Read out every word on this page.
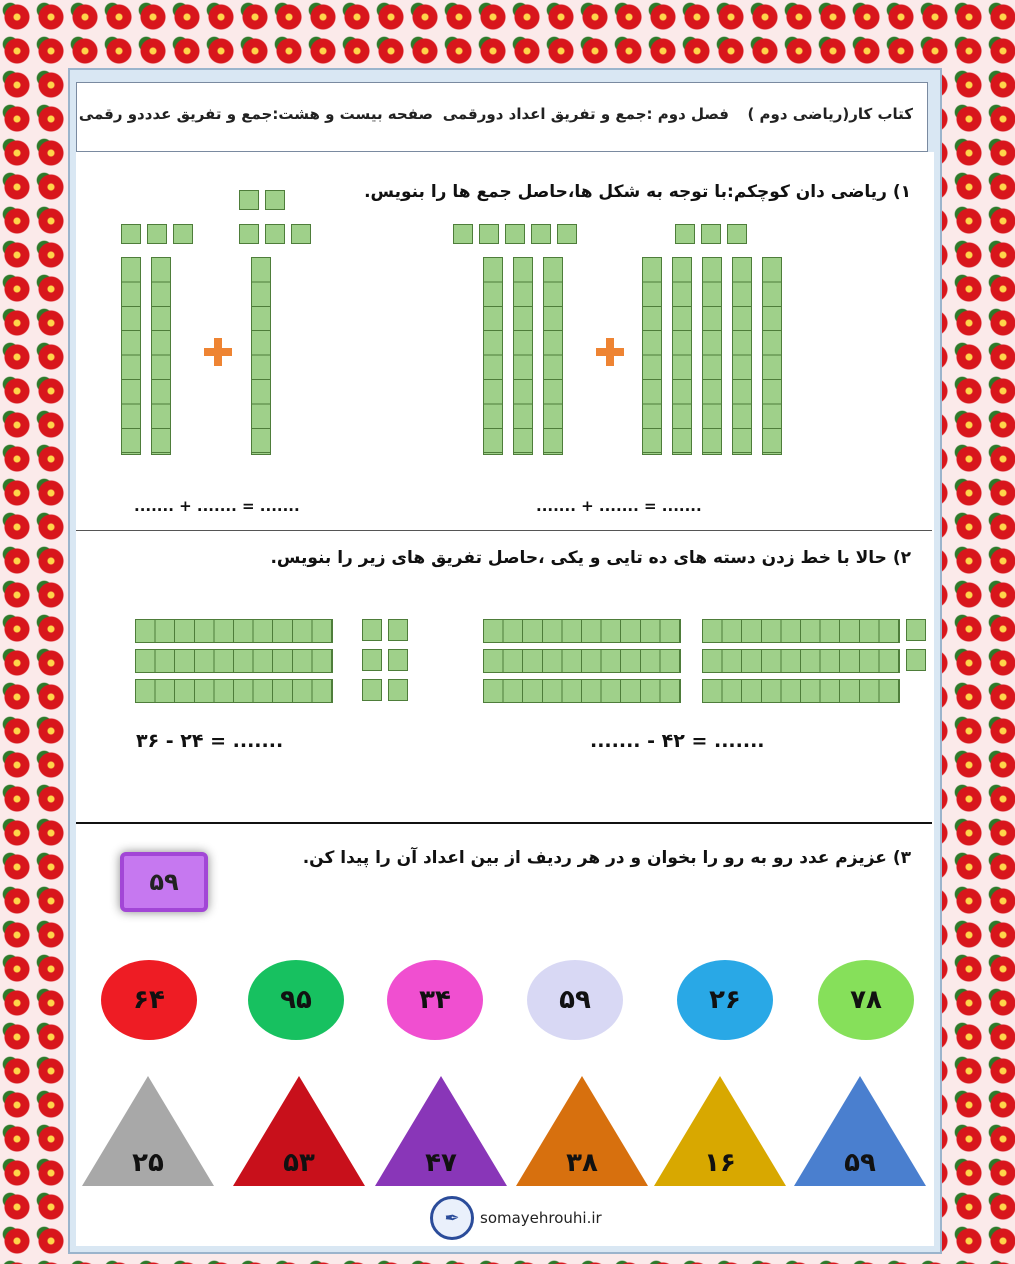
کتاب کار(ریاضی دوم )
فصل دوم :جمع و تفریق اعداد دورقمی
صفحه بیست و هشت:جمع و تفریق عدددو رقمی
۱) ریاضی دان کوچکم:با توجه به شکل ها،حاصل جمع ها را بنویس.
....... + ....... = .......	....... + ....... = .......
۲) حالا با خط زدن دسته های ده تایی و یکی ،حاصل تفریق های زیر را بنویس.
۳۶ - ۲۴ = .......	....... - ۴۲ = .......
۳) عزیزم عدد رو به رو را بخوان و در هر ردیف از بین اعداد آن را پیدا کن.
۵۹
۷۸
۲۶
۵۹
۳۴
۹۵
۶۴
۵۹
۱۶
۳۸
۴۷
۵۳
۲۵
✒	somayehrouhi.ir
